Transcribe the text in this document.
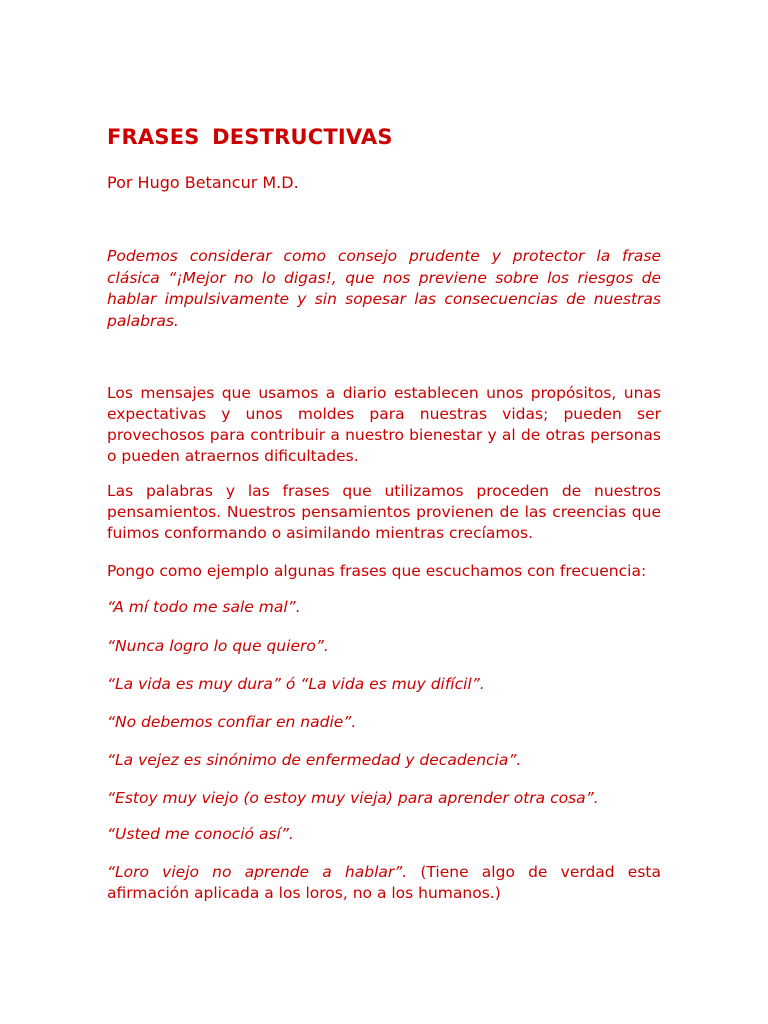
FRASES DESTRUCTIVAS

Por Hugo Betancur M.D.

Podemos considerar como consejo prudente y protector la frase clásica “¡Mejor no lo digas!, que nos previene sobre los riesgos de hablar impulsivamente y sin sopesar las consecuencias de nuestras palabras.

Los mensajes que usamos a diario establecen unos propósitos, unas expectativas y unos moldes para nuestras vidas; pueden ser provechosos para contribuir a nuestro bienestar y al de otras personas o pueden atraernos dificultades.

Las palabras y las frases que utilizamos proceden de nuestros pensamientos. Nuestros pensamientos provienen de las creencias que fuimos conformando o asimilando mientras crecíamos.

Pongo como ejemplo algunas frases que escuchamos con frecuencia:

“A mí todo me sale mal”.

“Nunca logro lo que quiero”.

“La vida es muy dura” ó “La vida es muy difícil”.

“No debemos confiar en nadie”.

“La vejez es sinónimo de enfermedad y decadencia”.

“Estoy muy viejo (o estoy muy vieja) para aprender otra cosa”.

“Usted me conoció así”.

“Loro viejo no aprende a hablar”. (Tiene algo de verdad esta afirmación aplicada a los loros, no a los humanos.)
